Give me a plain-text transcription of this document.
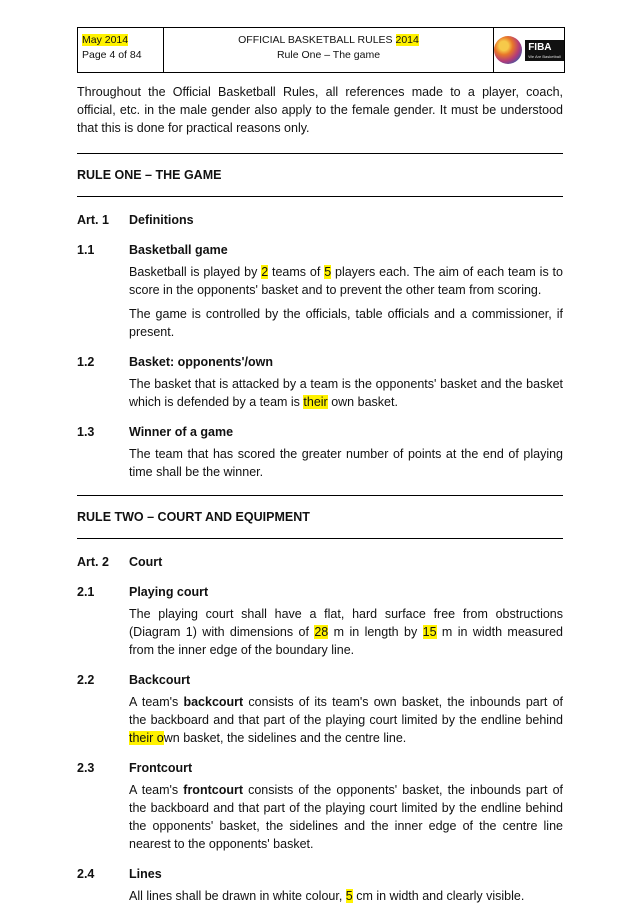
May 2014
Page 4 of 84
OFFICIAL BASKETBALL RULES 2014
Rule One – The game
FIBA
We Are Basketball

Throughout the Official Basketball Rules, all references made to a player, coach, official, etc. in the male gender also apply to the female gender. It must be understood that this is done for practical reasons only.

RULE ONE – THE GAME
Art. 1	Definitions
1.1	Basketball game

Basketball is played by 2 teams of 5 players each. The aim of each team is to score in the opponents' basket and to prevent the other team from scoring.

The game is controlled by the officials, table officials and a commissioner, if present.

1.2	Basket: opponents'/own

The basket that is attacked by a team is the opponents' basket and the basket which is defended by a team is their own basket.

1.3	Winner of a game

The team that has scored the greater number of points at the end of playing time shall be the winner.

RULE TWO – COURT AND EQUIPMENT
Art. 2	Court
2.1	Playing court

The playing court shall have a flat, hard surface free from obstructions (Diagram 1) with dimensions of 28 m in length by 15 m in width measured from the inner edge of the boundary line.

2.2	Backcourt

A team's backcourt consists of its team's own basket, the inbounds part of the backboard and that part of the playing court limited by the endline behind their own basket, the sidelines and the centre line.

2.3	Frontcourt

A team's frontcourt consists of the opponents' basket, the inbounds part of the backboard and that part of the playing court limited by the endline behind the opponents' basket, the sidelines and the inner edge of the centre line nearest to the opponents' basket.

2.4	Lines

All lines shall be drawn in white colour, 5 cm in width and clearly visible.
